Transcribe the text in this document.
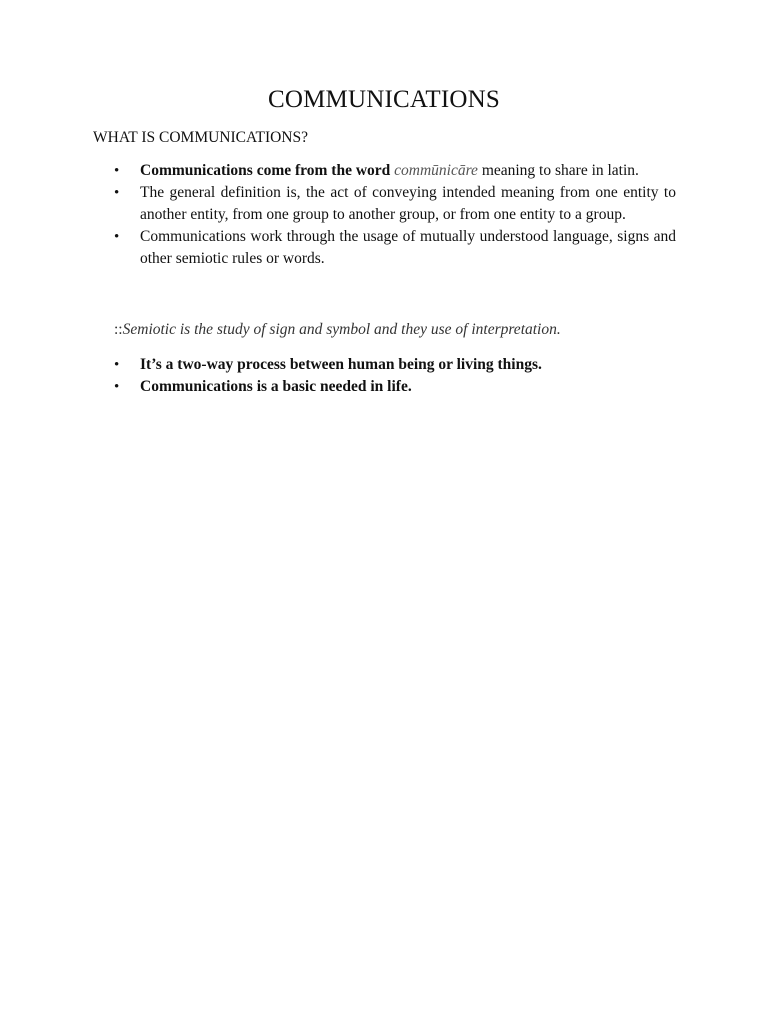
COMMUNICATIONS
WHAT IS COMMUNICATIONS?
• Communications come from the word commūnicāre meaning to share in latin.
• The general definition is, the act of conveying intended meaning from one entity to another entity, from one group to another group, or from one entity to a group.
• Communications work through the usage of mutually understood language, signs and other semiotic rules or words.
::Semiotic is the study of sign and symbol and they use of interpretation.
• It’s a two-way process between human being or living things.
• Communications is a basic needed in life.
